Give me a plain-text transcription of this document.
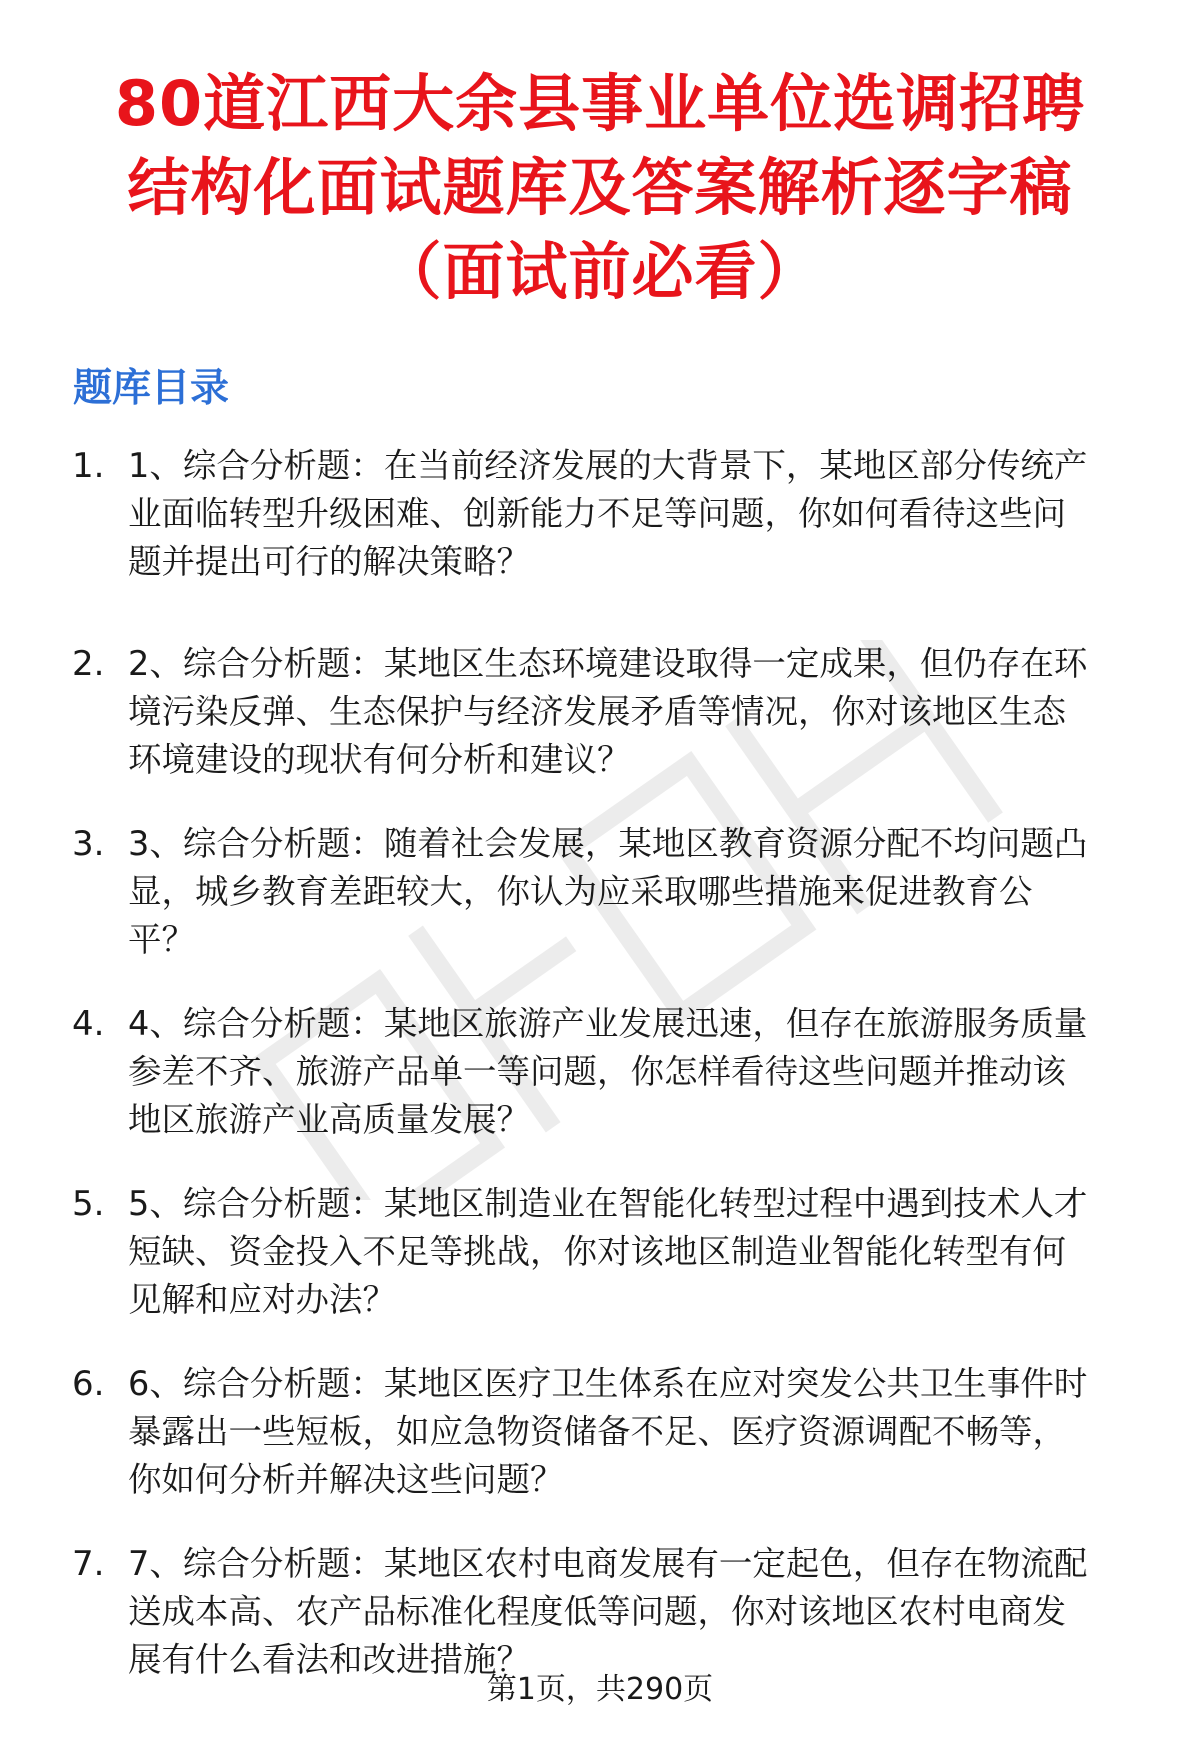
80道江西大余县事业单位选调招聘
结构化面试题库及答案解析逐字稿
（面试前必看）
题库目录
1. 1、综合分析题：在当前经济发展的大背景下，某地区部分传统产
业面临转型升级困难、创新能力不足等问题，你如何看待这些问
题并提出可行的解决策略？
2. 2、综合分析题：某地区生态环境建设取得一定成果，但仍存在环
境污染反弹、生态保护与经济发展矛盾等情况，你对该地区生态
环境建设的现状有何分析和建议？
3. 3、综合分析题：随着社会发展，某地区教育资源分配不均问题凸
显，城乡教育差距较大，你认为应采取哪些措施来促进教育公
平？
4. 4、综合分析题：某地区旅游产业发展迅速，但存在旅游服务质量
参差不齐、旅游产品单一等问题，你怎样看待这些问题并推动该
地区旅游产业高质量发展？
5. 5、综合分析题：某地区制造业在智能化转型过程中遇到技术人才
短缺、资金投入不足等挑战，你对该地区制造业智能化转型有何
见解和应对办法？
6. 6、综合分析题：某地区医疗卫生体系在应对突发公共卫生事件时
暴露出一些短板，如应急物资储备不足、医疗资源调配不畅等，
你如何分析并解决这些问题？
7. 7、综合分析题：某地区农村电商发展有一定起色，但存在物流配
送成本高、农产品标准化程度低等问题，你对该地区农村电商发
展有什么看法和改进措施？
第1页，共290页
